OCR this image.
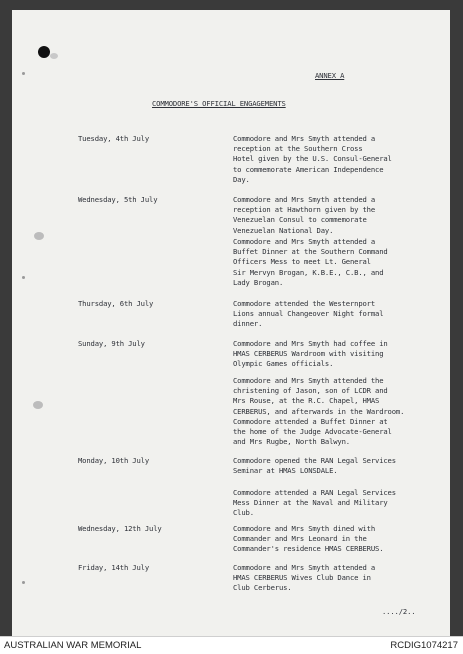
ANNEX A
COMMODORE'S OFFICIAL ENGAGEMENTS
Tuesday, 4th July	Commodore and Mrs Smyth attended a
reception at the Southern Cross
Hotel given by the U.S. Consul-General
to commemorate American Independence
Day.
Wednesday, 5th July	Commodore and Mrs Smyth attended a
reception at Hawthorn given by the
Venezuelan Consul to commemorate
Venezuelan National Day.
Commodore and Mrs Smyth attended a
Buffet Dinner at the Southern Command
Officers Mess to meet Lt. General
Sir Mervyn Brogan, K.B.E., C.B., and
Lady Brogan.
Thursday, 6th July	Commodore attended the Westernport
Lions annual Changeover Night formal
dinner.
Sunday, 9th July	Commodore and Mrs Smyth had coffee in
HMAS CERBERUS Wardroom with visiting
Olympic Games officials.
Commodore and Mrs Smyth attended the
christening of Jason, son of LCDR and
Mrs Rouse, at the R.C. Chapel, HMAS
CERBERUS, and afterwards in the Wardroom.
Commodore attended a Buffet Dinner at
the home of the Judge Advocate-General
and Mrs Rugbe, North Balwyn.
Monday, 10th July	Commodore opened the RAN Legal Services
Seminar at HMAS LONSDALE.
Commodore attended a RAN Legal Services
Mess Dinner at the Naval and Military
Club.
Wednesday, 12th July	Commodore and Mrs Smyth dined with
Commander and Mrs Leonard in the
Commander's residence HMAS CERBERUS.
Friday, 14th July	Commodore and Mrs Smyth attended a
HMAS CERBERUS Wives Club Dance in
Club Cerberus.
..../2..
AUSTRALIAN WAR MEMORIAL	RCDIG1074217
